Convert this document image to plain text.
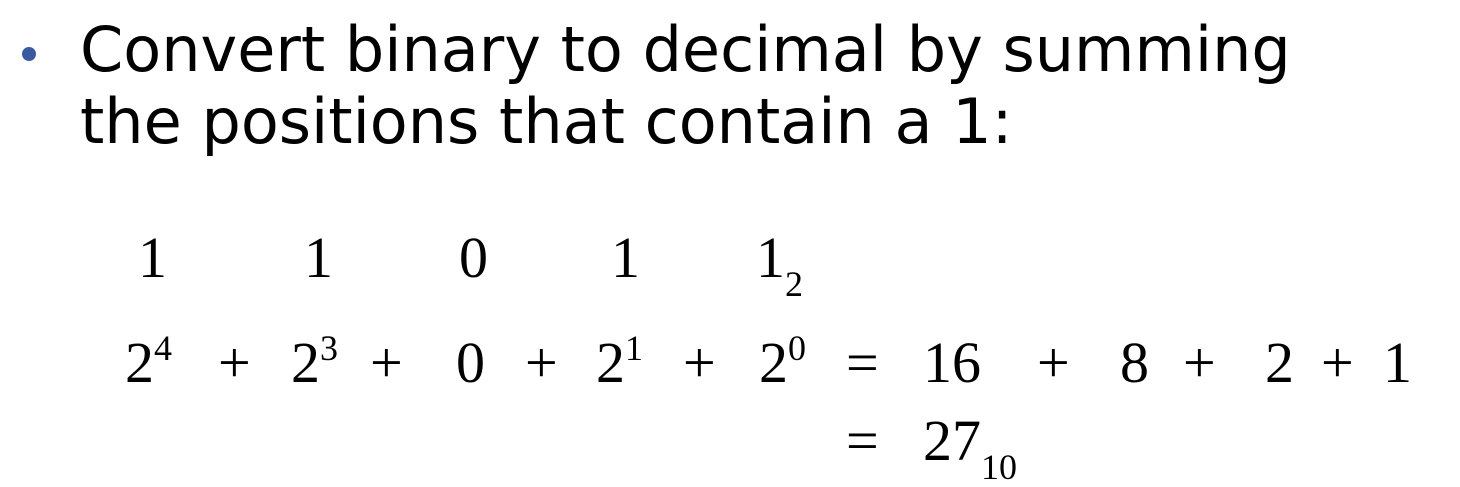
Convert binary to decimal by summing
the positions that contain a 1:
1 1 0 1 $1_2$
$2^4 + 2^3 + 0 + 2^1 + 2^0 = 16 + 8 + 2 + 1$
= $27_{10}$
